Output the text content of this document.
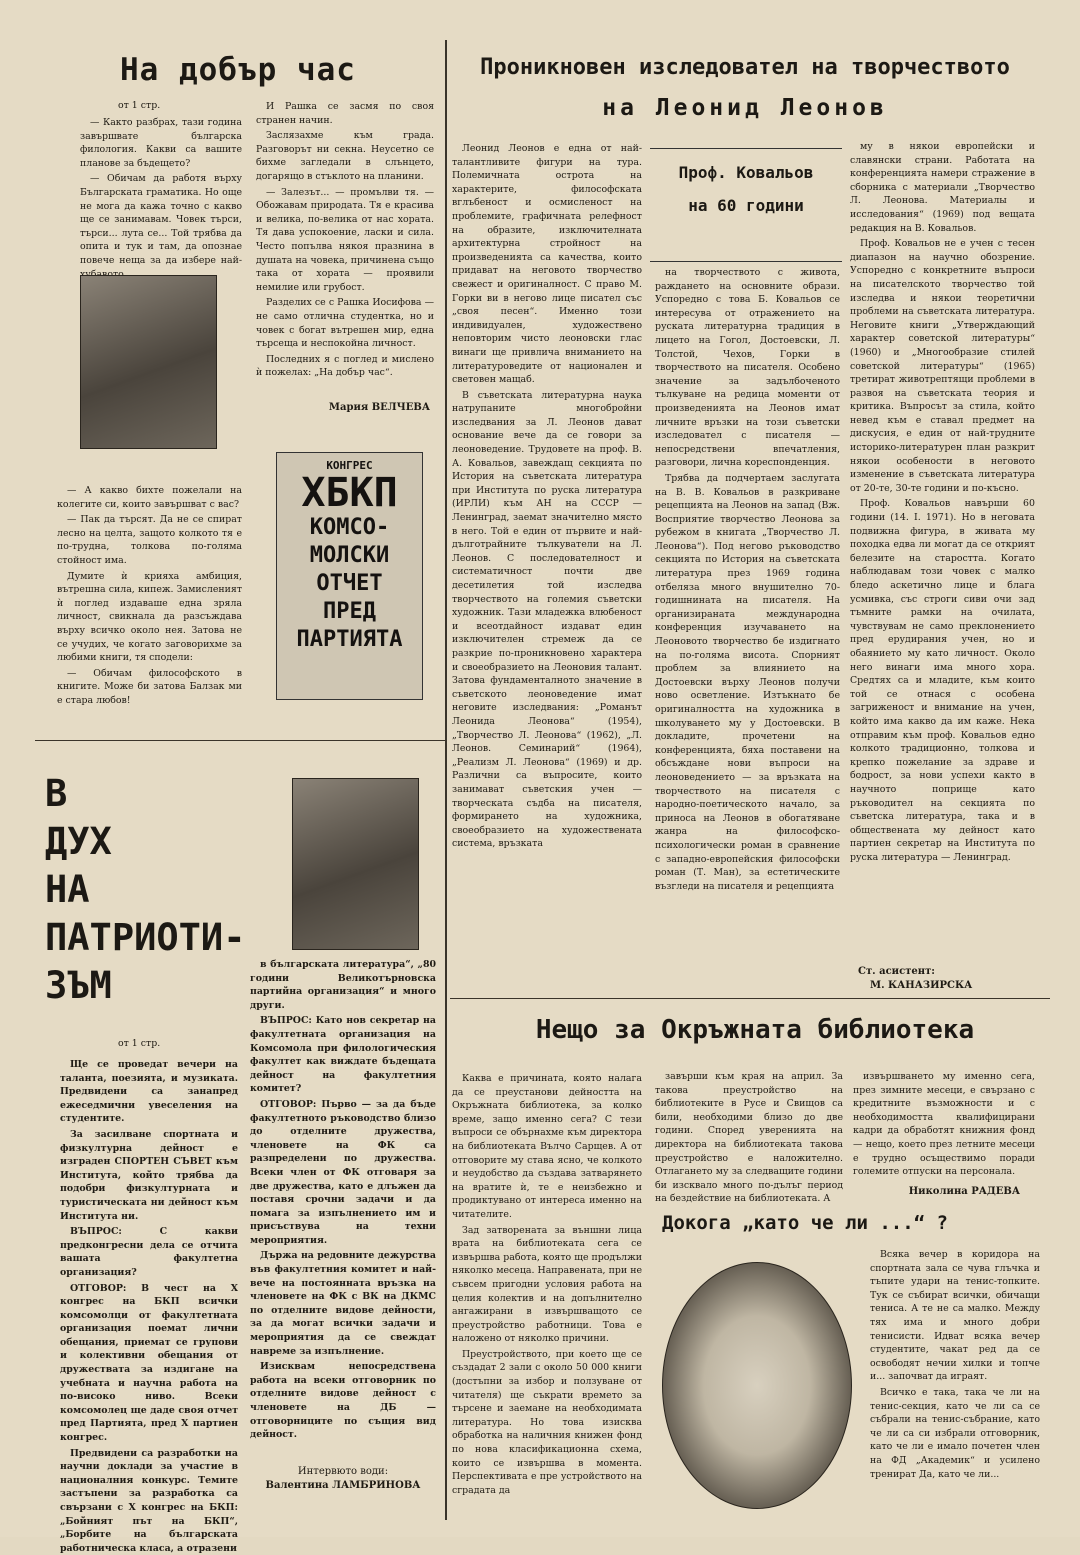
На добър час
от 1 стр.

— Както разбрах, тази година завършвате българска филология. Какви са вашите планове за бъдещето?

— Обичам да работя върху Българската граматика. Но още не мога да кажа точно с какво ще се занимавам. Човек търси, търси... лута се... Той трябва да опита и тук и там, да опознае повече неща за да избере най-

— А какво бихте пожелали на колегите си, които завършват с вас?

— Пак да търсят. Да не се спират лесно на целта, защото колкото тя е по-трудна, толкова по-голяма стойност има.

Думите ѝ крияха амбиция, вътрешна сила, кипеж. Замисленият ѝ поглед издаваше една зряла личност, свикнала да разсъждава върху всичко около нея. Затова не се учудих, че когато заговорихме за любими книги, тя сподели:

— Обичам философското в книгите. Може би затова Балзак ми е стара любов!

И Рашка се засмя по своя странен начин.

Заслязахме към града. Разговорът ни секна. Неусетно се бихме загледали в слънцето, догарящо в стъклото на планини.

— Залезът... — промълви тя. — Обожавам природата. Тя е красива и велика, по-велика от нас хората. Тя дава успокоение, ласки и сила. Често попълва някоя празнина в душата на човека, причинена също така от хората — проявили немилие или грубост.

Разделих се с Рашка Иосифова — не само отлична студентка, но и човек с богат вътрешен мир, една търсеща и неспокойна личност.

Последних я с поглед и мислено ѝ пожелах: „На добър час“.

Мария ВЕЛЧЕВА
КОНГРЕС
ХБКП
КОМСО-
МОЛСКИ
ОТЧЕТ
ПРЕД
ПАРТИЯТА
В
ДУХ
НА
ПАТРИОТИ-
ЗЪМ
от 1 стр.

Ще се проведат вечери на таланта, поезията, и музиката. Предвидени са занапред ежеседмични увеселения на студентите.

За засилване спортната и физкултурна дейност е изграден СПОРТЕН СЪВЕТ към Института, който трябва да подобри физкултурната и туристическата ни дейност към Института ни.

ВЪПРОС: С какви предконгресни дела се отчита вашата факултетна организация?

ОТГОВОР: В чест на Х конгрес на БКП всички комсомолци от факултетната организация поемат лични обещания, приемат се групови и колективни обещания от дружествата за издигане на учебната и научна работа на по-високо ниво. Всеки комсомолец ще даде своя отчет пред Партията, пред Х партиен конгрес.

Предвидени са разработки на научни доклади за участие в националния конкурс. Темите застъпени за разработка са свързани с Х конгрес на БКП: „Бойният път на БКП“, „Борбите на българската работническа класа, а отразени

в българската литература“, „80 години Великотърновска партийна организация“ и много други.

ВЪПРОС: Като нов секретар на факултетната организация на Комсомола при филологическия факултет как виждате бъдещата дейност на факултетния комитет?

ОТГОВОР: Първо — за да бъде факултетното ръководство близо до отделните дружества, членовете на ФК са разпределени по дружества. Всеки член от ФК отговаря за две дружества, като е длъжен да поставя срочни задачи и да помага за изпълнението им и присъствува на техни мероприятия.

Държа на редовните дежурства във факултетния комитет и най-вече на постоянната връзка на членовете на ФК с ВК на ДКМС по отделните видове дейности, за да могат всички задачи и мероприятия да се свеждат навреме за изпълнение.

Изисквам непосредствена работа на всеки отговорник по отделните видове дейност с членовете на ДБ — отговорниците по същия вид дейност.

Интервюто води:
Валентина ЛАМБРИНОВА
Проникновен изследовател на творчеството
на Леонид Леонов

Леонид Леонов е една от най-талантливите фигури на тура. Полемичната острота на характерите, философската вглъбеност и осмисленост на проблемите, графичната релефност на образите, изключителната архитектурна стройност на произведенията са качества, които придават на неговото творчество свежест и оригиналност. С право М. Горки ви в негово лице писател със „своя песен“. Именно този индивидуален, художествено неповторим чисто леоновски глас винаги ще привлича вниманието на литературоведите от национален и световен мащаб.

В съветската литературна наука натрупаните многобройни изследвания за Л. Леонов дават основание вече да се говори за леоноведение. Трудовете на проф. В. А. Ковальов, завеждащ секцията по История на съветската литература при Института по руска литература (ИРЛИ) към АН на СССР — Ленинград, заемат значително място в него. Той е един от първите и най-дълготрайните тълкуватели на Л. Леонов. С последователност и систематичност почти две десетилетия той изследва творчеството на големия съветски художник. Тази младежка влюбеност и всеотдайност издават един изключителен стремеж да се разкрие по-проникновено характера и своеобразието на Леоновия талант. Затова фундаменталното значение в съветското леоноведение имат неговите изследвания: „Романът Леонида Леонова“ (1954), „Творчество Л. Леонова“ (1962), „Л. Леонов. Семинарий“ (1964), „Реализм Л. Леонова“ (1969) и др. Различни са въпросите, които занимават съветския учен — творческата съдба на писателя, формирането на художника, своеобразието на художествената система, връзката

Проф. Ковальов
на 60 години

на творчеството с живота, раждането на основните образи. Успоредно с това Б. Ковальов се интересува от отражението на руската литературна традиция в лицето на Гогол, Достоевски, Л. Толстой, Чехов, Горки в творчеството на писателя. Особено значение за задълбоченото тълкуване на редица моменти от произведенията на Леонов имат личните връзки на този съветски изследовател с писателя — непосредствени впечатления, разговори, лична кореспонденция.

Трябва да подчертаем заслугата на В. В. Ковальов в разкриване рецепцията на Леонов на запад (Вж. Восприятие творчество Леонова за рубежом в книгата „Творчество Л. Леонова“). Под негово ръководство секцията по История на съветската литература през 1969 година отбеляза много внушително 70-годишнината на писателя. На организираната международна конференция изучаването на Леоновото творчество бе издигнато на по-голяма висота. Спорният проблем за влиянието на Достоевски върху Леонов получи ново осветление. Изтъкнато бе оригиналността на художника в школуването му у Достоевски. В докладите, прочетени на конференцията, бяха поставени на обсъждане нови въпроси на леоноведението — за връзката на творчеството на писателя с народно-поетическото начало, за приноса на Леонов в обогатяване жанра на философско-психологически роман в сравнение с западно-европейския философски роман (Т. Ман), за естетическите възгледи на писателя и рецепцията

му в някои европейски и славянски страни. Работата на конференцията намери стражение в сборника с материали „Творчество Л. Леонова. Материалы и исследования“ (1969) под вещата редакция на В. Ковальов.

Проф. Ковальов не е учен с тесен диапазон на научно обозрение. Успоредно с конкретните въпроси на писателското творчество той изследва и някои теоретични проблеми на съветската литература. Неговите книги „Утверждающий характер советской литературы“ (1960) и „Многообразие стилей советской литературы“ (1965) третират животрептящи проблеми в развоя на съветската теория и критика. Въпросът за стила, който невед към е ставал предмет на дискусия, е един от най-трудните историко-литературен план разкрит някои особености в неговото изменение в съветската литература от 20-те, 30-те години и по-късно.

Проф. Ковальов навърши 60 години (14. I. 1971). Но в неговата подвижна фигура, в живата му походка едва ли могат да се открият белезите на старостта. Когато наблюдавам този човек с малко бледо аскетично лице и блага усмивка, със строги сиви очи зад тъмните рамки на очилата, чувствувам не само преклонението пред ерудирания учен, но и обаянието му като личност. Около него винаги има много хора. Средтях са и младите, към които той се отнася с особена загриженост и внимание на учен, който има какво да им каже. Нека отправим към проф. Ковальов едно колкото традиционно, толкова и крепко пожелание за здраве и бодрост, за нови успехи както в научното поприще като ръководител на секцията по съветска литература, така и в обществената му дейност като партиен секретар на Института по руска литература — Ленинград.

Ст. асистент:
М. КАНАЗИРСКА
Нещо за Окръжната библиотека

Каква е причината, която налага да се преустанови дейността на Окръжната библиотека, за колко време, защо именно сега? С тези въпроси се обърнахме към директора на библиотеката Вълчо Сарщев. А от отговорите му става ясно, че колкото и неудобство да създава затварянето на вратите ѝ, те е неизбежно и продиктувано от интереса именно на читателите.

Зад затворената за външни лица врата на библиотеката сега се извършва работа, която ще продължи няколко месеца. Направената, при не съвсем пригодни условия работа на целия колектив и на допълнително ангажирани в извършващото се преустройство работници. Това е наложено от няколко причини.

Преустройството, при което ще се създадат 2 зали с около 50 000 книги (достъпни за избор и ползуване от читателя) ще съкрати времето за търсене и заемане на необходимата литература. Но това изисква обработка на наличния книжен фонд по нова класификационна схема, които се извършва в момента. Перспективата е пре устройството на сградата да

завърши към края на април. За такова преустройство на библиотеките в Русе и Свищов са били, необходими близо до две години. Според уверенията на директора на библиотеката такова преустройство е наложително. Отлагането му за следващите години би изсквало много по-дълъг период на бездействие на библиотеката. А

извършването му именно сега, през зимните месеци, е свързано с кредитните възможности и с необходимостта квалифицирани кадри да обработят книжния фонд — нещо, което през летните месеци е трудно осъществимо поради големите отпуски на персонала.

Николина РАДЕВА
Докога „като че ли ...“ ?

Всяка вечер в коридора на спортната зала се чува глъчка и тъпите удари на тенис-топките. Тук се събират всички, обичащи тениса. А те не са малко. Между тях има и много добри тенисисти. Идват всяка вечер студентите, чакат ред да се освободят нечии хилки и топче и... започват да играят.

Всичко е така, така че ли на тенис-секция, като че ли са се събрали на тенис-събрание, като че ли са си избрали отговорник, като че ли е имало почетен член на ФД „Академик“ и усилено тренират Да, като че ли...
